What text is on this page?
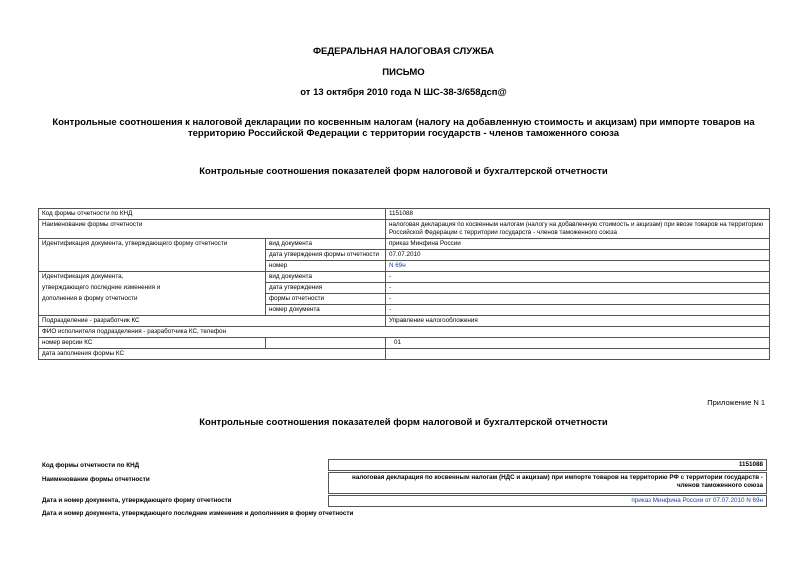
ФЕДЕРАЛЬНАЯ НАЛОГОВАЯ СЛУЖБА
ПИСЬМО
от 13 октября 2010 года N ШС-38-3/658дсп@
Контрольные соотношения к налоговой декларации по косвенным налогам (налогу на добавленную стоимость и акцизам) при импорте товаров на территорию Российской Федерации с территории государств - членов таможенного союза
Контрольные соотношения показателей форм налоговой и бухгалтерской отчетности
Код формы отчетности по КНД		1151088
Наименование формы отчетности		налоговая декларация по косвенным налогам (налогу на добавленную стоимость и акцизам) при ввозе товаров на территорию Российской Федерации с территории государств - членов таможенного союза
Идентификация документа, утверждающего форму отчетности	вид документа	приказ Минфина России
	дата утверждения формы отчетности	07.07.2010
	номер	N 69н

Идентификация документа,
утверждающего последние изменения и
дополнения в форму отчетности	вид документа	-
	дата утверждения	-
	формы отчетности	-
	номер документа	-
Подразделение - разработчик КС		Управление налогообложения
ФИО исполнителя подразделения - разработчика КС, телефон		
номер версии КС		01
дата заполнения формы КС		
Приложение N 1
Контрольные соотношения показателей форм налоговой и бухгалтерской отчетности
Код формы отчетности по КНД	1151088
Наименование формы отчетности	налоговая декларация по косвенным налогам (НДС и акцизам) при импорте товаров на территорию РФ с территории государств - членов таможенного союза
Дата и номер документа, утверждающего форму отчетности	приказ Минфина России от 07.07.2010 N 69н
Дата и номер документа, утверждающего последние изменения и дополнения в форму отчетности
